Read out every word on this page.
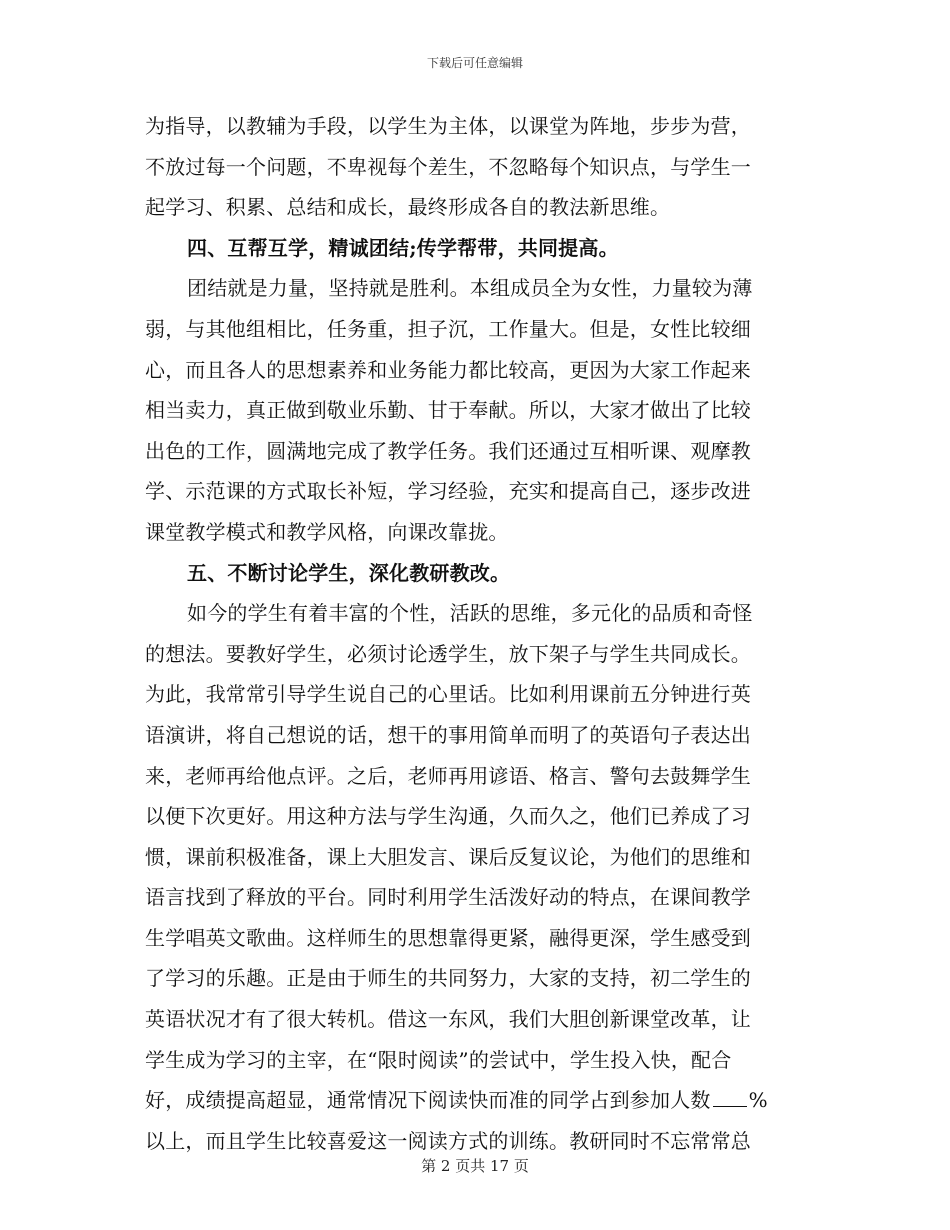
下载后可任意编辑
为指导，以教辅为手段，以学生为主体，以课堂为阵地，步步为营，
不放过每一个问题，不卑视每个差生，不忽略每个知识点，与学生一
起学习、积累、总结和成长，最终形成各自的教法新思维。
四、互帮互学，精诚团结;传学帮带，共同提高。
团结就是力量，坚持就是胜利。本组成员全为女性，力量较为薄
弱，与其他组相比，任务重，担子沉，工作量大。但是，女性比较细
心，而且各人的思想素养和业务能力都比较高，更因为大家工作起来
相当卖力，真正做到敬业乐勤、甘于奉献。所以，大家才做出了比较
出色的工作，圆满地完成了教学任务。我们还通过互相听课、观摩教
学、示范课的方式取长补短，学习经验，充实和提高自己，逐步改进
课堂教学模式和教学风格，向课改靠拢。
五、不断讨论学生，深化教研教改。
如今的学生有着丰富的个性，活跃的思维，多元化的品质和奇怪
的想法。要教好学生，必须讨论透学生，放下架子与学生共同成长。
为此，我常常引导学生说自己的心里话。比如利用课前五分钟进行英
语演讲，将自己想说的话，想干的事用简单而明了的英语句子表达出
来，老师再给他点评。之后，老师再用谚语、格言、警句去鼓舞学生
以便下次更好。用这种方法与学生沟通，久而久之，他们已养成了习
惯，课前积极准备，课上大胆发言、课后反复议论，为他们的思维和
语言找到了释放的平台。同时利用学生活泼好动的特点，在课间教学
生学唱英文歌曲。这样师生的思想靠得更紧，融得更深，学生感受到
了学习的乐趣。正是由于师生的共同努力，大家的支持，初二学生的
英语状况才有了很大转机。借这一东风，我们大胆创新课堂改革，让
学生成为学习的主宰，在“限时阅读”的尝试中，学生投入快，配合
好，成绩提高超显，通常情况下阅读快而准的同学占到参加人数 %
以上，而且学生比较喜爱这一阅读方式的训练。教研同时不忘常常总
第 2 页共 17 页
